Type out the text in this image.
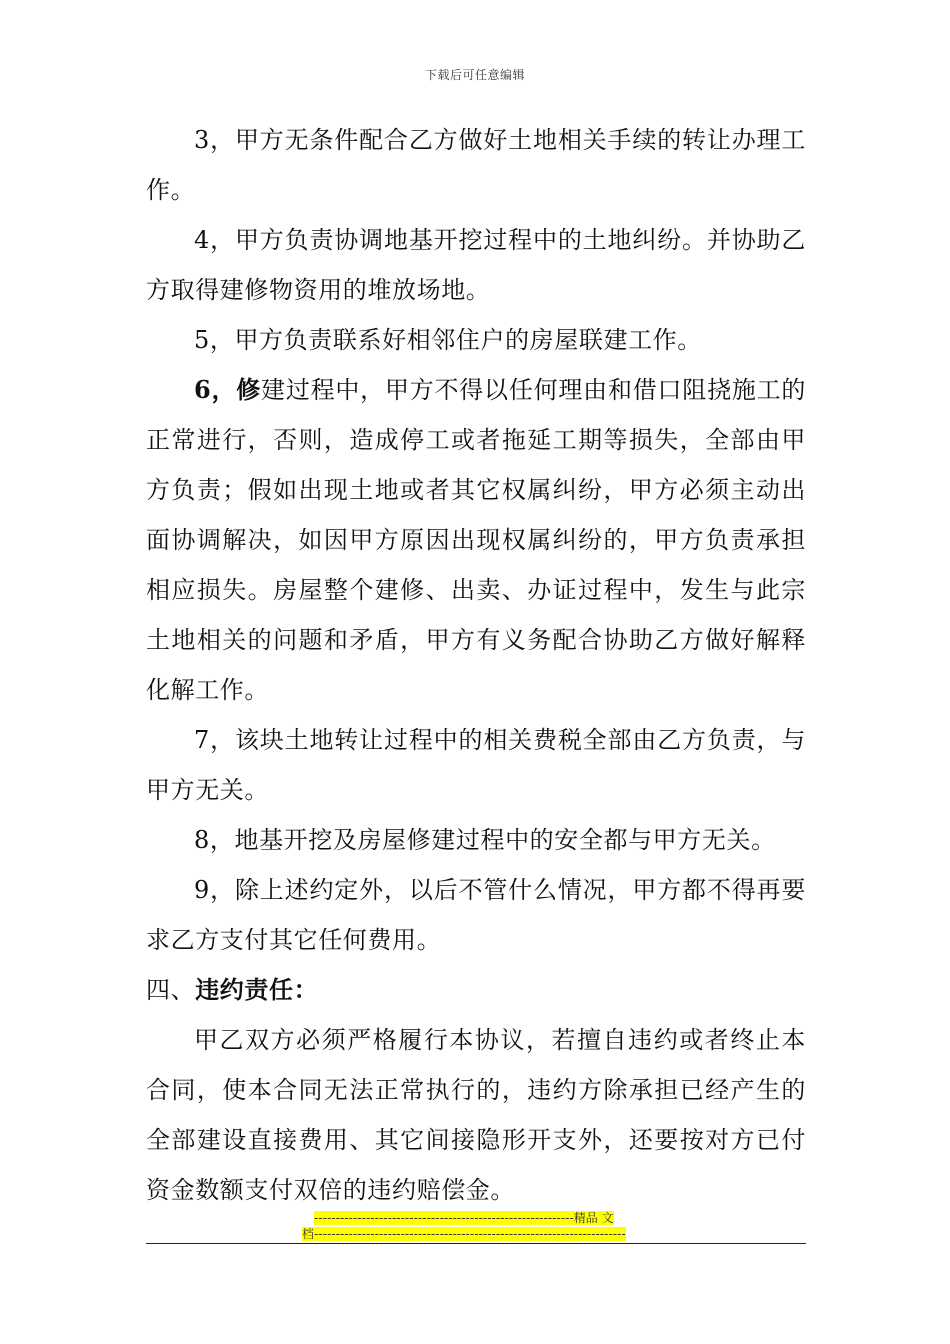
下载后可任意编辑

3，甲方无条件配合乙方做好土地相关手续的转让办理工作。

4，甲方负责协调地基开挖过程中的土地纠纷。并协助乙方取得建修物资用的堆放场地。

5，甲方负责联系好相邻住户的房屋联建工作。

6，修建过程中，甲方不得以任何理由和借口阻挠施工的正常进行，否则，造成停工或者拖延工期等损失，全部由甲方负责；假如出现土地或者其它权属纠纷，甲方必须主动出面协调解决，如因甲方原因出现权属纠纷的，甲方负责承担相应损失。房屋整个建修、出卖、办证过程中，发生与此宗土地相关的问题和矛盾，甲方有义务配合协助乙方做好解释化解工作。

7，该块土地转让过程中的相关费税全部由乙方负责，与甲方无关。

8，地基开挖及房屋修建过程中的安全都与甲方无关。

9，除上述约定外，以后不管什么情况，甲方都不得再要求乙方支付其它任何费用。

四、违约责任：

甲乙双方必须严格履行本协议，若擅自违约或者终止本合同，使本合同无法正常执行的，违约方除承担已经产生的全部建设直接费用、其它间接隐形开支外，还要按对方已付资金数额支付双倍的违约赔偿金。

------------------------------------------------------------精品 文
档------------------------------------------------------------------------
